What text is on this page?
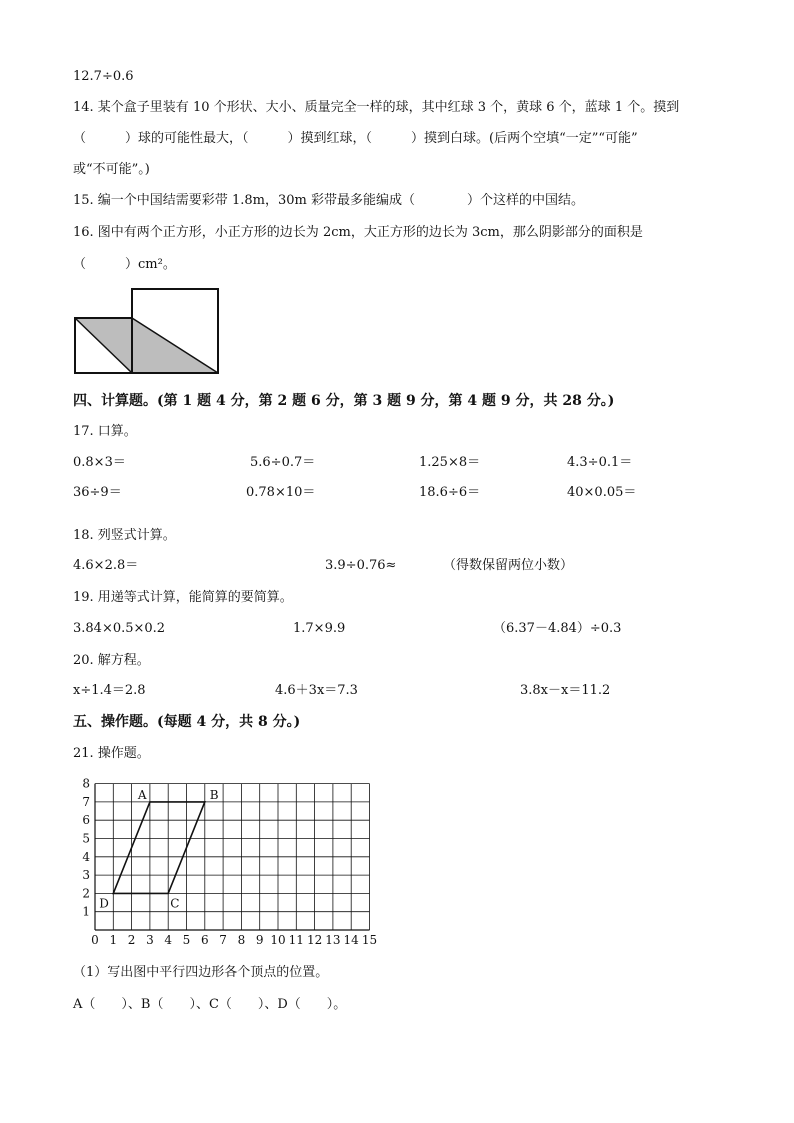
12.7÷0.6
14. 某个盒子里装有 10 个形状、大小、质量完全一样的球，其中红球 3 个，黄球 6 个，蓝球 1 个。摸到
（　　　）球的可能性最大，（　　　）摸到红球，（　　　）摸到白球。(后两个空填“一定”“可能”
或“不可能”。)
15. 编一个中国结需要彩带 1.8m，30m 彩带最多能编成（　　　　）个这样的中国结。
16. 图中有两个正方形，小正方形的边长为 2cm，大正方形的边长为 3cm，那么阴影部分的面积是
（　　　）cm²。
四、计算题。(第 1 题 4 分，第 2 题 6 分，第 3 题 9 分，第 4 题 9 分，共 28 分。)
17. 口算。
0.8×3＝	5.6÷0.7＝	1.25×8＝	4.3÷0.1＝
36÷9＝	0.78×10＝	18.6÷6＝	40×0.05＝
18. 列竖式计算。
4.6×2.8＝	3.9÷0.76≈	（得数保留两位小数）
19. 用递等式计算，能简算的要简算。
3.84×0.5×0.2	1.7×9.9	（6.37－4.84）÷0.3
20. 解方程。
x÷1.4＝2.8	4.6＋3x＝7.3	3.8x－x＝11.2
五、操作题。(每题 4 分，共 8 分。)
21. 操作题。
0 1 2 3 4 5 6 7 8 9 10 11 12 13 14 15
1
2
3
4
5
6
7
8
A	B
C
D
（1）写出图中平行四边形各个顶点的位置。
A（　　）、B（　　）、C（　　）、D（　　）。
